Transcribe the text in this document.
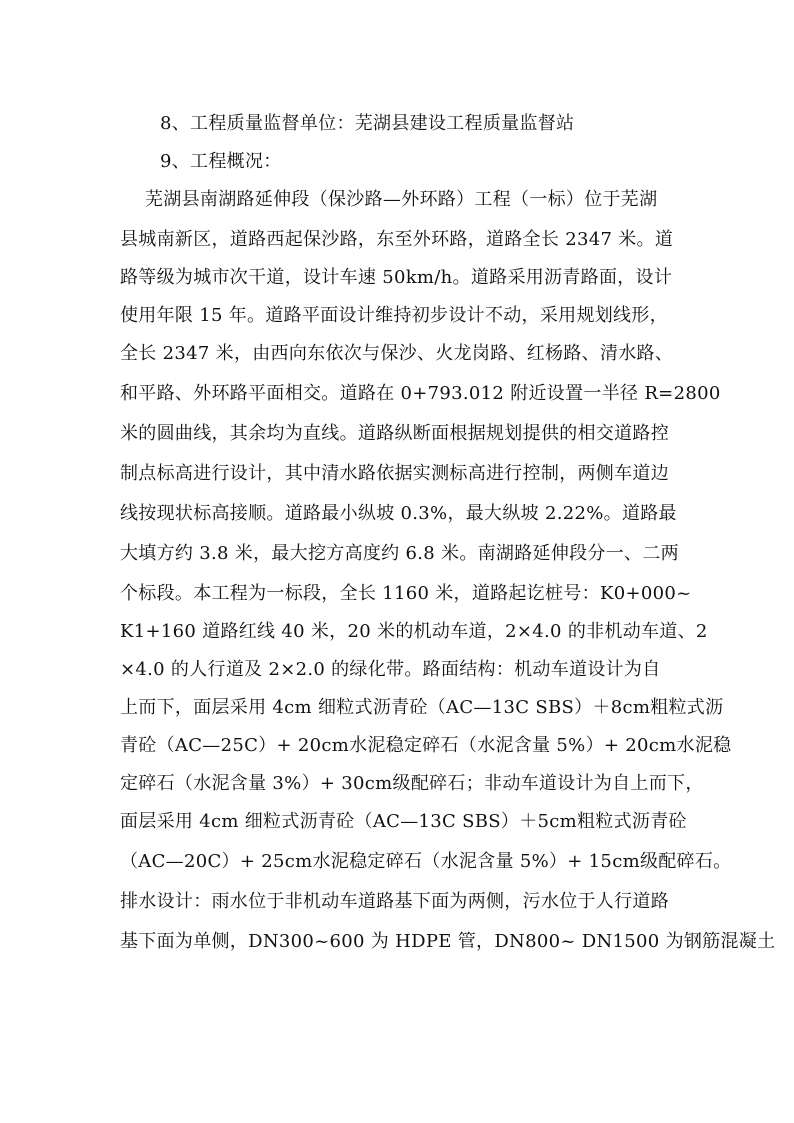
8、工程质量监督单位：芜湖县建设工程质量监督站
9、工程概况：
芜湖县南湖路延伸段（保沙路—外环路）工程（一标）位于芜湖
县城南新区，道路西起保沙路，东至外环路，道路全长 2347 米。道
路等级为城市次干道，设计车速 50km/h。道路采用沥青路面，设计
使用年限 15 年。道路平面设计维持初步设计不动，采用规划线形，
全长 2347 米，由西向东依次与保沙、火龙岗路、红杨路、清水路、
和平路、外环路平面相交。道路在 0+793.012 附近设置一半径 R=2800
米的圆曲线，其余均为直线。道路纵断面根据规划提供的相交道路控
制点标高进行设计，其中清水路依据实测标高进行控制，两侧车道边
线按现状标高接顺。道路最小纵坡 0.3%，最大纵坡 2.22%。道路最
大填方约 3.8 米，最大挖方高度约 6.8 米。南湖路延伸段分一、二两
个标段。本工程为一标段，全长 1160 米，道路起讫桩号：K0+000~
K1+160 道路红线 40 米，20 米的机动车道，2×4.0 的非机动车道、2
×4.0 的人行道及 2×2.0 的绿化带。路面结构：机动车道设计为自
上而下，面层采用 4cm 细粒式沥青砼（AC—13C SBS）＋8cm粗粒式沥
青砼（AC—25C）+ 20cm水泥稳定碎石（水泥含量 5%）+ 20cm水泥稳
定碎石（水泥含量 3%）+ 30cm级配碎石；非动车道设计为自上而下，
面层采用 4cm 细粒式沥青砼（AC—13C SBS）＋5cm粗粒式沥青砼
（AC—20C）+ 25cm水泥稳定碎石（水泥含量 5%）+ 15cm级配碎石。
排水设计：雨水位于非机动车道路基下面为两侧，污水位于人行道路
基下面为单侧，DN300~600 为 HDPE 管，DN800~ DN1500 为钢筋混凝土
